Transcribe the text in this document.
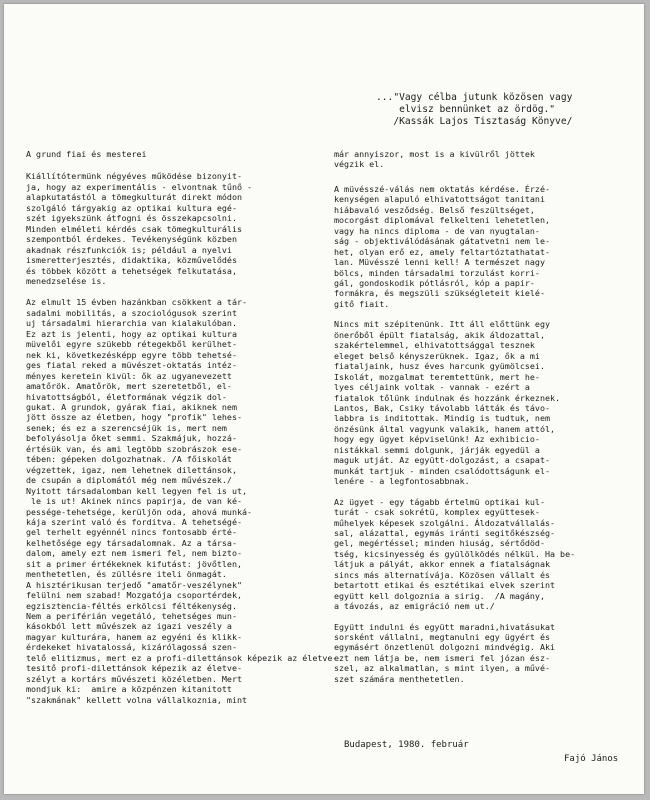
..."Vagy célba jutunk közösen vagy
elvisz bennünket az ördög."
/Kassák Lajos Tisztaság Könyve/
A grund fiai és mesterei
Kiállítótermünk négyéves működése bizonyit-
ja, hogy az experimentális - elvontnak tűnő -
alapkutatástól a tömegkulturát direkt módon
szolgáló tárgyakig az optikai kultura egé-
szét igyekszünk átfogni és összekapcsolni.
Minden elméleti kérdés csak tömegkulturális
szempontból érdekes. Tevékenységünk közben
akadnak részfunkciók is; például a nyelvi
ismeretterjesztés, didaktika, közművelődés
és többek között a tehetségek felkutatása,
menedzselése is.
Az elmult 15 évben hazánkban csökkent a tár-
sadalmi mobilitás, a szociológusok szerint
uj társadalmi hierarchia van kialakulóban.
Ez azt is jelenti, hogy az optikai kultura
müvelői egyre szükebb rétegekből kerülhet-
nek ki, következésképp egyre több tehetsé-
ges fiatal reked a müvészet-oktatás intéz-
ményes keretein kivül: ők az ugyanevezett
amatőrök. Amatőrök, mert szeretetből, el-
hivatottságból, életformának végzik dol-
gukat. A grundok, gyárak fiai, akiknek nem
jött össze az életben, hogy "profik" lehes-
senek; és ez a szerencséjük is, mert nem
befolyásolja őket semmi. Szakmájuk, hozzá-
értésük van, és ami legtöbb szobrászok ese-
tében: gépeken dolgozhatnak. /A főiskolát
végzettek, igaz, nem lehetnek dilettánsok,
de csupán a diplomától még nem művészek./
Nyitott társadalomban kell legyen fel is ut,
le is ut! Akinek nincs papirja, de van ké-
pessége-tehetsége, kerüljön oda, ahová munká-
kája szerint való és forditva. A tehetségé-
gel terhelt egyénnél nincs fontosabb érté-
kelhetősége egy társadalomnak. Az a társa-
dalom, amely ezt nem ismeri fel, nem bizto-
sit a primer értékeknek kifutást: jövőtlen,
menthetetlen, és züllésre iteli önmagát.
A hisztérikusan terjedő "amatőr-veszélynek"
felülni nem szabad! Mozgatója csoportérdek,
egzisztencia-féltés erkölcsi féltékenység.
Nem a periférián vegetáló, tehetséges mun-
kásokból lett művészek az igazi veszély a
magyar kulturára, hanem az egyéni és klikk-
érdekeket hivatalossá, kizárólagossá szen-
telő elitizmus, mert ez a profi-dilettánsok képezik az életve-
tesitő profi-dilettánsok képezik az életve-
szélyt a kortárs művészeti közéletben. Mert
mondjuk ki:  amire a közpénzen kitanitott
"szakmának" kellett volna vállalkoznia, mint
már annyiszor, most is a kivülről jöttek
végzik el.
A müvésszé-válás nem oktatás kérdése. Érzé-
kenységen alapuló elhivatottságot tanitani
hiábavaló vesződség. Belső feszültséget,
mocorgást diplomával felkelteni lehetetlen,
vagy ha nincs diploma - de van nyugtalan-
ság - objektiválódásának gátatvetni nem le-
het, olyan erő ez, amely feltartóztathatat-
lan. Müvésszé lenni kell! A természet nagy
bölcs, minden társadalmi torzulást korri-
gál, gondoskodik pótlásról, kóp a papir-
formákra, és megszüli szükségleteit kielé-
gitő fiait.
Nincs mit szépitenünk. Itt áll előttünk egy
önerőből épült fiatalság, akik áldozattal,
szakértelemmel, elhivatottsággal tesznek
eleget belső kényszerüknek. Igaz, ők a mi
fiataljaink, husz éves harcunk gyümölcsei.
Iskolát, mozgalmat teremtettünk, mert he-
lyes céljaink voltak - vannak - ezért a
fiatalok tőlünk indulnak és hozzánk érkeznek.
Lantos, Bak, Csiky távolabb látták és távo-
labbra is inditottak. Mindig is tudtuk, nem
önzésünk által vagyunk valakik, hanem attól,
hogy egy ügyet képviselünk! Az exhibicio-
nistákkal semmi dolgunk, járják egyedül a
maguk utját. Az együtt-dolgozást, a csapat-
munkát tartjuk - minden csalódottságunk el-
lenére - a legfontosabbnak.
Az ügyet - egy tágabb értelmü optikai kul-
turát - csak sokrétü, komplex együttesek-
műhelyek képesek szolgálni. Áldozatvállalás-
sal, alázattal, egymás iránti segitőkészség-
gel, megértéssel; minden hiuság, sértődöd-
tség, kicsinyesség és gyülölködés nélkül. Ha be-
látjuk a pályát, akkor ennek a fiatalságnak
sincs más alternatívája. Közösen vállalt és
betartott etikai és esztétikai elvek szerint
együtt kell dolgoznia a sirig.  /A magány,
a távozás, az emigráció nem ut./
Együtt indulni és együtt maradni,hivatásukat
sorsként vállalni, megtanulni egy ügyért és
egymásért önzetlenül dolgozni mindvégig. Aki
ezt nem látja be, nem ismeri fel józan ész-
szel, az alkalmatlan, s mint ilyen, a művé-
szet számára menthetetlen.
Budapest, 1980. február
Fajó János
